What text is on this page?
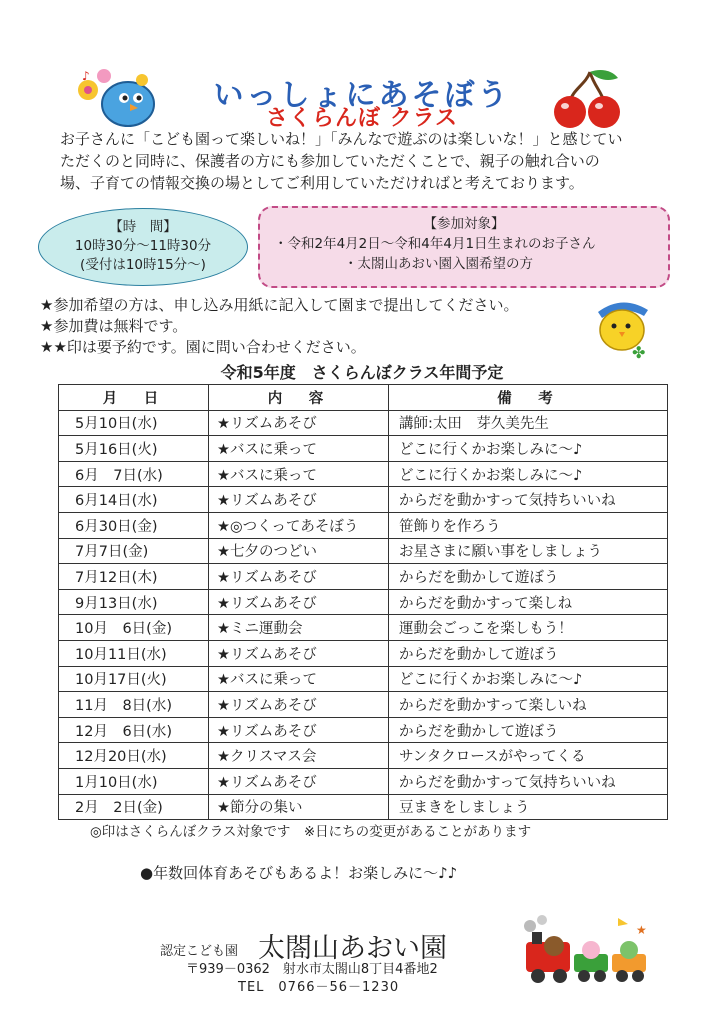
♪
✤
★
いっしょにあそぼう
さくらんぼ クラス
お子さんに「こども園って楽しいね！」「みんなで遊ぶのは楽しいな！」と感じてい
ただくのと同時に、保護者の方にも参加していただくことで、親子の触れ合いの
場、子育ての情報交換の場としてご利用していただければと考えております。
【時　間】
10時30分～11時30分
(受付は10時15分～)
【参加対象】
・令和2年4月2日～令和4年4月1日生まれのお子さん
・太閤山あおい園入園希望の方
★参加希望の方は、申し込み用紙に記入して園まで提出してください。
★参加費は無料です。
★★印は要予約です。園に問い合わせください。
令和5年度　さくらんぼクラス年間予定
月　日	内　容	備　考
5月10日(水)	★リズムあそび	講師:太田　芽久美先生
5月16日(火)	★バスに乗って	どこに行くかお楽しみに～♪
6月　7日(水)	★バスに乗って	どこに行くかお楽しみに～♪
6月14日(水)	★リズムあそび	からだを動かすって気持ちいいね
6月30日(金)	★◎つくってあそぼう	笹飾りを作ろう
7月7日(金)	★七夕のつどい	お星さまに願い事をしましょう
7月12日(木)	★リズムあそび	からだを動かして遊ぼう
9月13日(水)	★リズムあそび	からだを動かすって楽しね
10月　6日(金)	★ミニ運動会	運動会ごっこを楽しもう！
10月11日(水)	★リズムあそび	からだを動かして遊ぼう
10月17日(火)	★バスに乗って	どこに行くかお楽しみに～♪
11月　8日(水)	★リズムあそび	からだを動かすって楽しいね
12月　6日(水)	★リズムあそび	からだを動かして遊ぼう
12月20日(水)	★クリスマス会	サンタクロースがやってくる
1月10日(水)	★リズムあそび	からだを動かすって気持ちいいね
2月　2日(金)	★節分の集い	豆まきをしましょう
◎印はさくらんぼクラス対象です　※日にちの変更があることがあります
●年数回体育あそびもあるよ！お楽しみに～♪♪
認定こども園 太閤山あおい園
〒939－0362　射水市太閤山8丁目4番地2
TEL　0766－56－1230
